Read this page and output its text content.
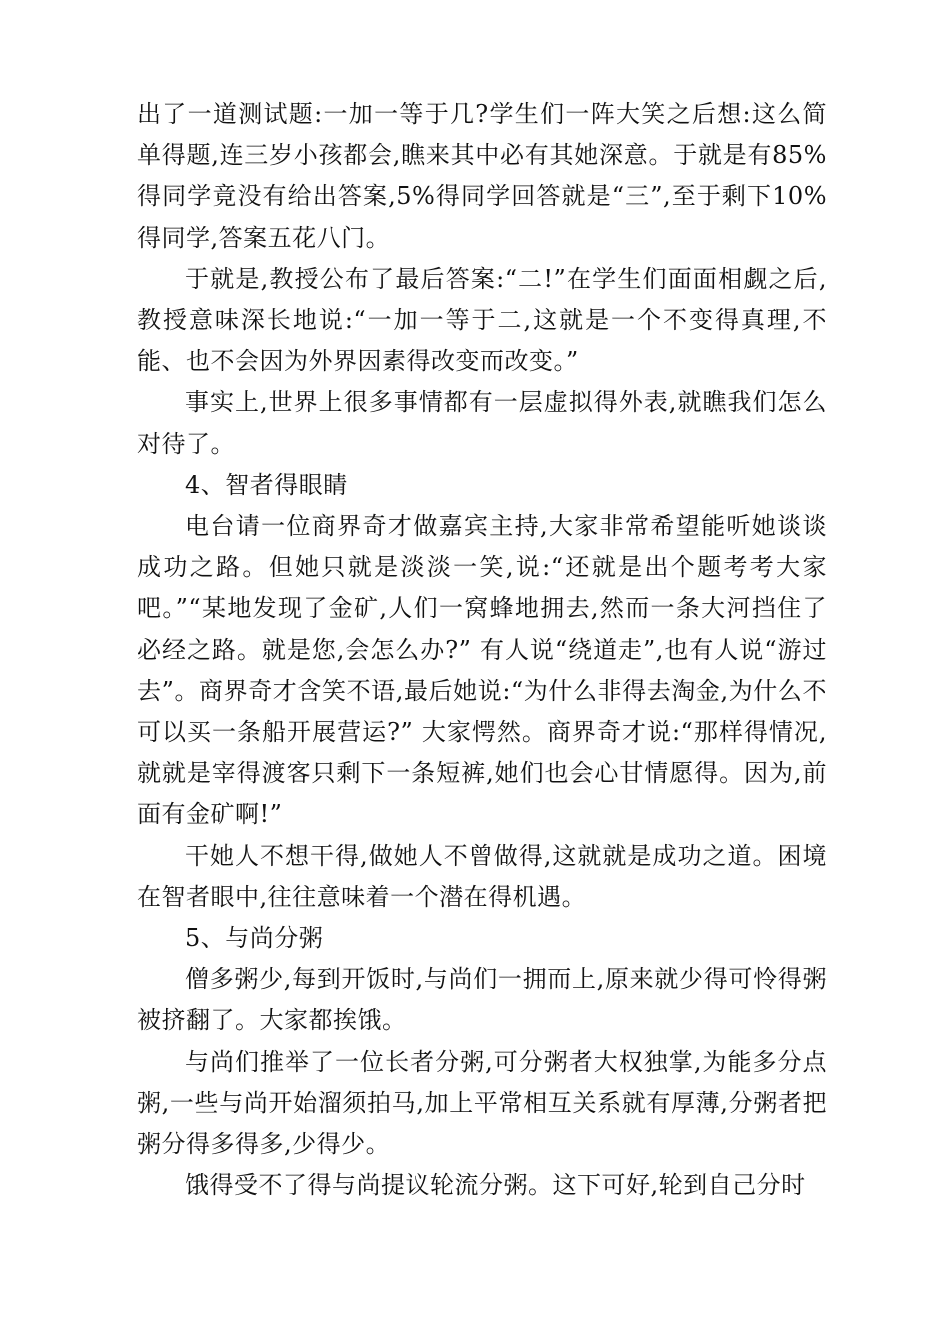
出了一道测试题:一加一等于几?学生们一阵大笑之后想:这么简单得题,连三岁小孩都会,瞧来其中必有其她深意。于就是有85%得同学竟没有给出答案,5%得同学回答就是“三”,至于剩下10%得同学,答案五花八门。

于就是,教授公布了最后答案:“二!”在学生们面面相觑之后,教授意味深长地说:“一加一等于二,这就是一个不变得真理,不能、也不会因为外界因素得改变而改变。”

事实上,世界上很多事情都有一层虚拟得外表,就瞧我们怎么对待了。

4、智者得眼睛

电台请一位商界奇才做嘉宾主持,大家非常希望能听她谈谈成功之路。但她只就是淡淡一笑,说:“还就是出个题考考大家吧。”“某地发现了金矿,人们一窝蜂地拥去,然而一条大河挡住了必经之路。就是您,会怎么办?” 有人说“绕道走”,也有人说“游过去”。商界奇才含笑不语,最后她说:“为什么非得去淘金,为什么不可以买一条船开展营运?” 大家愕然。商界奇才说:“那样得情况,就就是宰得渡客只剩下一条短裤,她们也会心甘情愿得。因为,前面有金矿啊!”

干她人不想干得,做她人不曾做得,这就就是成功之道。困境在智者眼中,往往意味着一个潜在得机遇。

5、与尚分粥

僧多粥少,每到开饭时,与尚们一拥而上,原来就少得可怜得粥被挤翻了。大家都挨饿。

与尚们推举了一位长者分粥,可分粥者大权独掌,为能多分点粥,一些与尚开始溜须拍马,加上平常相互关系就有厚薄,分粥者把粥分得多得多,少得少。

饿得受不了得与尚提议轮流分粥。这下可好,轮到自己分时
